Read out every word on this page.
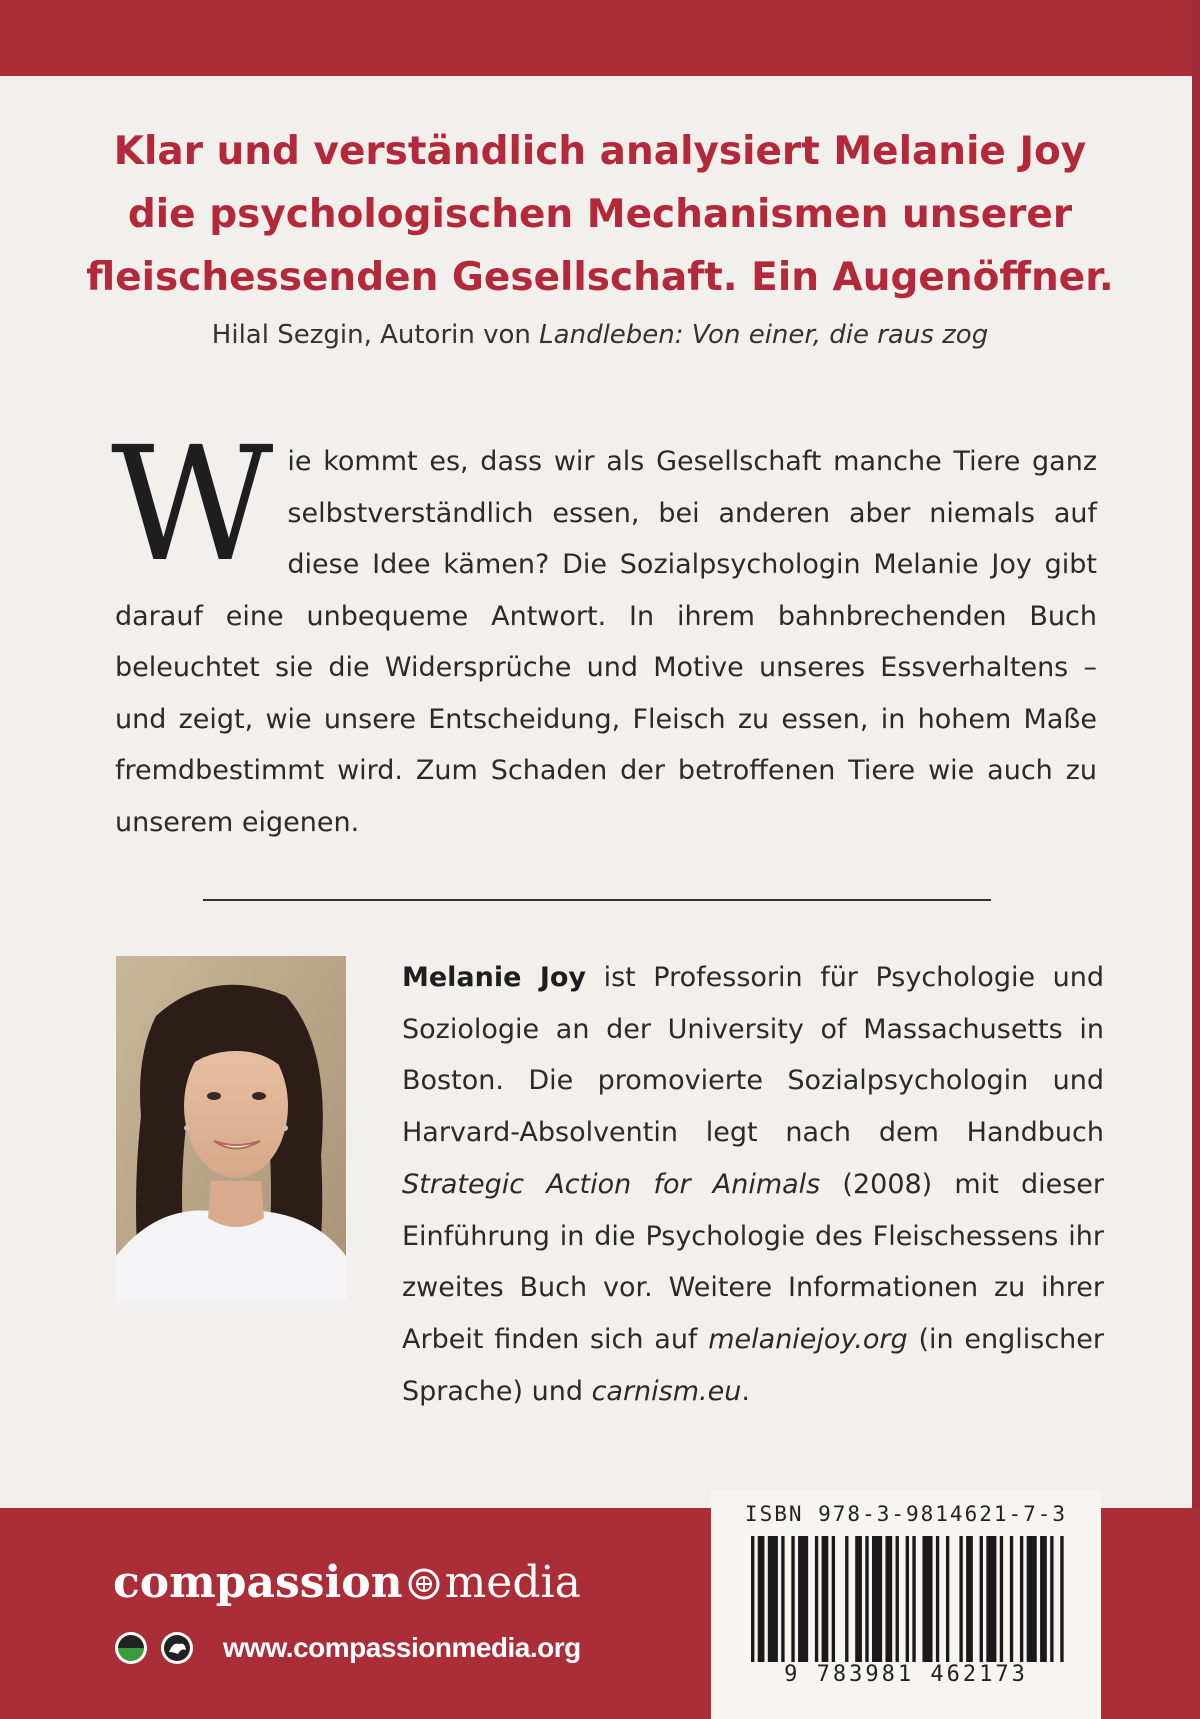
Klar und verständlich analysiert Melanie Joy
die psychologischen Mechanismen unserer
fleischessenden Gesellschaft. Ein Augenöffner.
Hilal Sezgin, Autorin von Landleben: Von einer, die raus zog
W ie kommt es, dass wir als Gesellschaft manche Tiere ganz selbstverständlich essen, bei anderen aber niemals auf diese Idee kämen? Die Sozialpsychologin Melanie Joy gibt darauf eine unbequeme Antwort. In ihrem bahnbrechenden Buch beleuchtet sie die Widersprüche und Motive unseres Essverhaltens – und zeigt, wie unsere Entscheidung, Fleisch zu essen, in hohem Maße fremdbestimmt wird. Zum Schaden der betroffenen Tiere wie auch zu unserem eigenen.
Melanie Joy ist Professorin für Psychologie und Soziologie an der University of Massachusetts in Boston. Die promovierte Sozialpsychologin und Harvard-Absolventin legt nach dem Handbuch Strategic Action for Animals (2008) mit dieser Einführung in die Psychologie des Fleischessens ihr zweites Buch vor. Weitere Informationen zu ihrer Arbeit finden sich auf melaniejoy.org (in englischer Sprache) und carnism.eu.
compassion media
www.compassionmedia.org
ISBN 978-3-9814621-7-3
9 783981 462173
